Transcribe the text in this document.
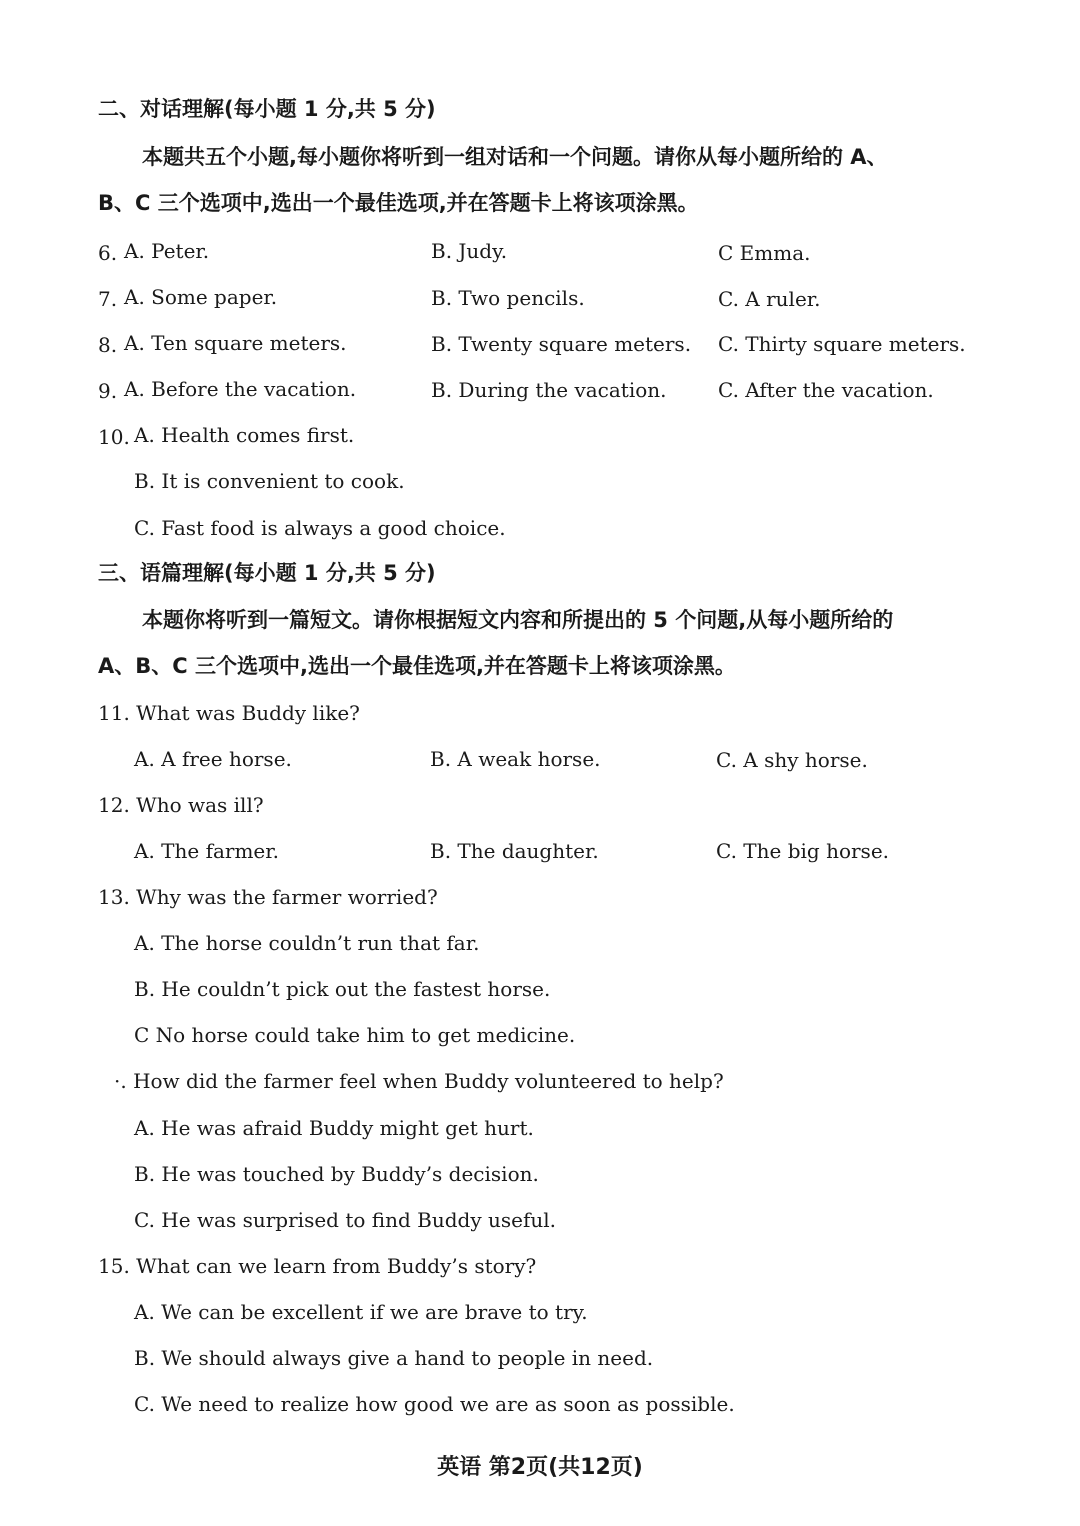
二、对话理解(每小题 1 分,共 5 分)
本题共五个小题,每小题你将听到一组对话和一个问题。请你从每小题所给的 A、
B、C 三个选项中,选出一个最佳选项,并在答题卡上将该项涂黑。
6. A. Peter.	B. Judy.	C Emma.
7. A. Some paper.	B. Two pencils.	C. A ruler.
8. A. Ten square meters.	B. Twenty square meters. C. Thirty square meters.
9. A. Before the vacation.	B. During the vacation.	C. After the vacation.
10. A. Health comes first.
B. It is convenient to cook.
C. Fast food is always a good choice.
三、语篇理解(每小题 1 分,共 5 分)
本题你将听到一篇短文。请你根据短文内容和所提出的 5 个问题,从每小题所给的
A、B、C 三个选项中,选出一个最佳选项,并在答题卡上将该项涂黑。
11. What was Buddy like?
A. A free horse.	B. A weak horse.	C. A shy horse.
12. Who was ill?
A. The farmer.	B. The daughter.	C. The big horse.
13. Why was the farmer worried?
A. The horse couldn’t run that far.
B. He couldn’t pick out the fastest horse.
C No horse could take him to get medicine.
·. How did the farmer feel when Buddy volunteered to help?
A. He was afraid Buddy might get hurt.
B. He was touched by Buddy’s decision.
C. He was surprised to find Buddy useful.
15. What can we learn from Buddy’s story?
A. We can be excellent if we are brave to try.
B. We should always give a hand to people in need.
C. We need to realize how good we are as soon as possible.
英语 第2页(共12页)
